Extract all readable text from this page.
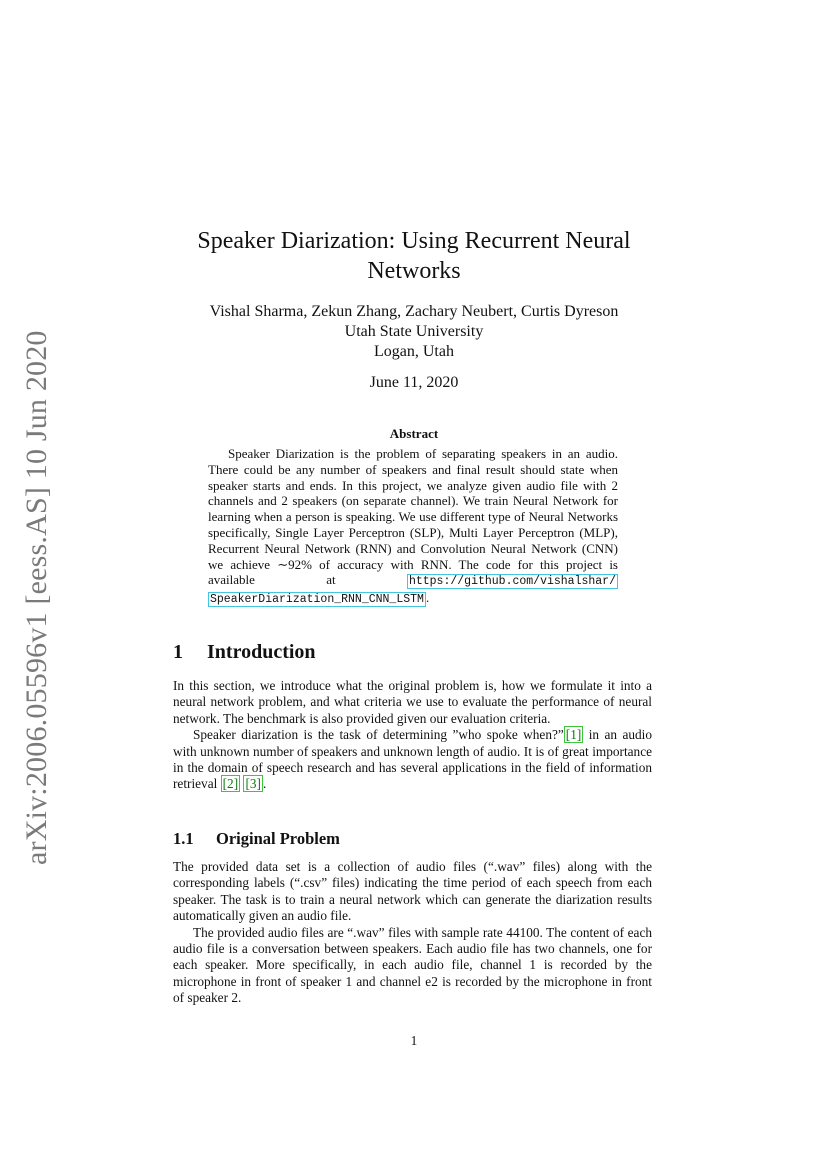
arXiv:2006.05596v1 [eess.AS] 10 Jun 2020
Speaker Diarization: Using Recurrent Neural
Networks
Vishal Sharma, Zekun Zhang, Zachary Neubert, Curtis Dyreson
Utah State University
Logan, Utah
June 11, 2020
Abstract

Speaker Diarization is the problem of separating speakers in an audio. There could be any number of speakers and final result should state when speaker starts and ends. In this project, we analyze given audio file with 2 channels and 2 speakers (on separate channel). We train Neural Network for learning when a person is speaking. We use different type of Neural Networks specifically, Single Layer Perceptron (SLP), Multi Layer Perceptron (MLP), Recurrent Neural Network (RNN) and Convolution Neural Network (CNN) we achieve ∼92% of accuracy with RNN. The code for this project is available at	https://github.com/vishalshar/ SpeakerDiarization_RNN_CNN_LSTM .

1 Introduction

In this section, we introduce what the original problem is, how we formulate it into a neural network problem, and what criteria we use to evaluate the performance of neural network. The benchmark is also provided given our evaluation criteria.

Speaker diarization is the task of determining ”who spoke when?” [1] in an audio with unknown number of speakers and unknown length of audio. It is of great importance in the domain of speech research and has several applications in the field of information retrieval [2] [3] .

1.1 Original Problem

The provided data set is a collection of audio files (“.wav” files) along with the corresponding labels (“.csv” files) indicating the time period of each speech from each speaker. The task is to train a neural network which can generate the diarization results automatically given an audio file.

The provided audio files are “.wav” files with sample rate 44100. The content of each audio file is a conversation between speakers. Each audio file has two channels, one for each speaker. More specifically, in each audio file, channel 1 is recorded by the microphone in front of speaker 1 and channel e2 is recorded by the microphone in front of speaker 2.

1
